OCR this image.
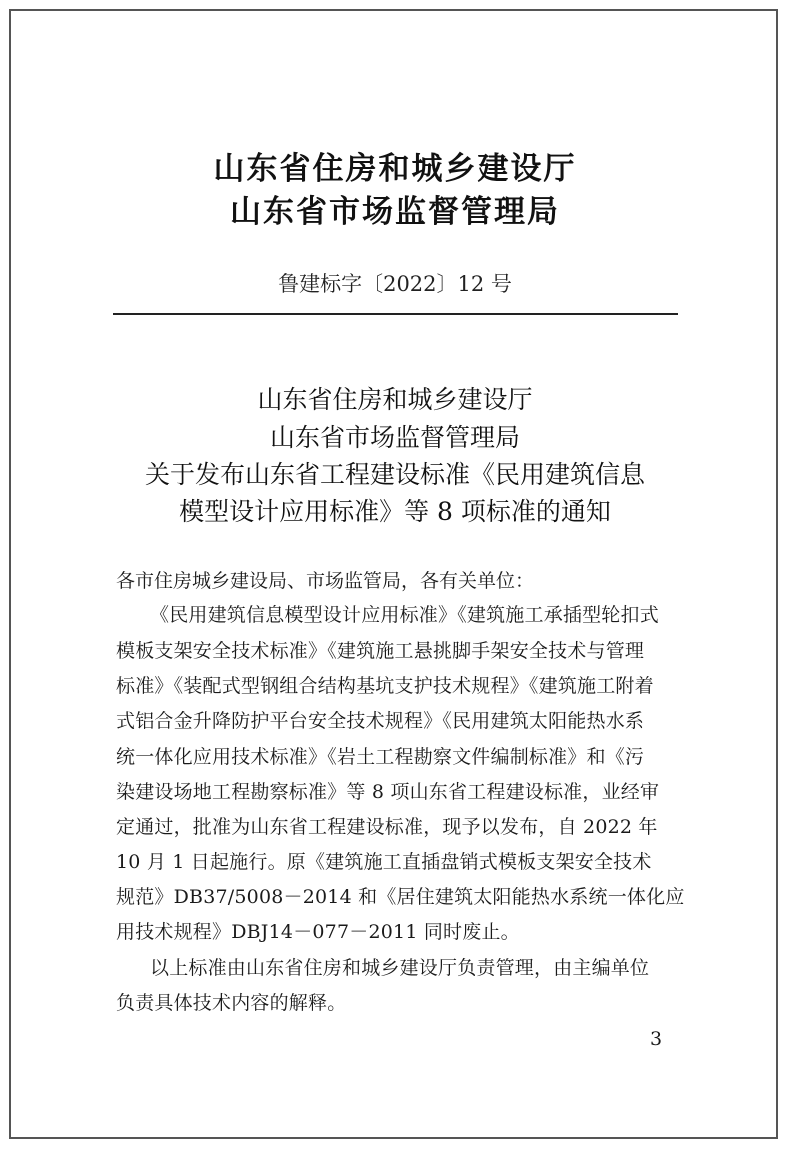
山东省住房和城乡建设厅
山东省市场监督管理局
鲁建标字〔2022〕12 号
山东省住房和城乡建设厅
山东省市场监督管理局
关于发布山东省工程建设标准《民用建筑信息
模型设计应用标准》等 8 项标准的通知
各市住房城乡建设局、市场监管局，各有关单位：
《民用建筑信息模型设计应用标准》《建筑施工承插型轮扣式
模板支架安全技术标准》《建筑施工悬挑脚手架安全技术与管理
标准》《装配式型钢组合结构基坑支护技术规程》《建筑施工附着
式铝合金升降防护平台安全技术规程》《民用建筑太阳能热水系
统一体化应用技术标准》《岩土工程勘察文件编制标准》和《污
染建设场地工程勘察标准》等 8 项山东省工程建设标准，业经审
定通过，批准为山东省工程建设标准，现予以发布，自 2022 年
10 月 1 日起施行。原《建筑施工直插盘销式模板支架安全技术
规范》DB37/5008－2014 和《居住建筑太阳能热水系统一体化应
用技术规程》DBJ14－077－2011 同时废止。
以上标准由山东省住房和城乡建设厅负责管理，由主编单位
负责具体技术内容的解释。
3
